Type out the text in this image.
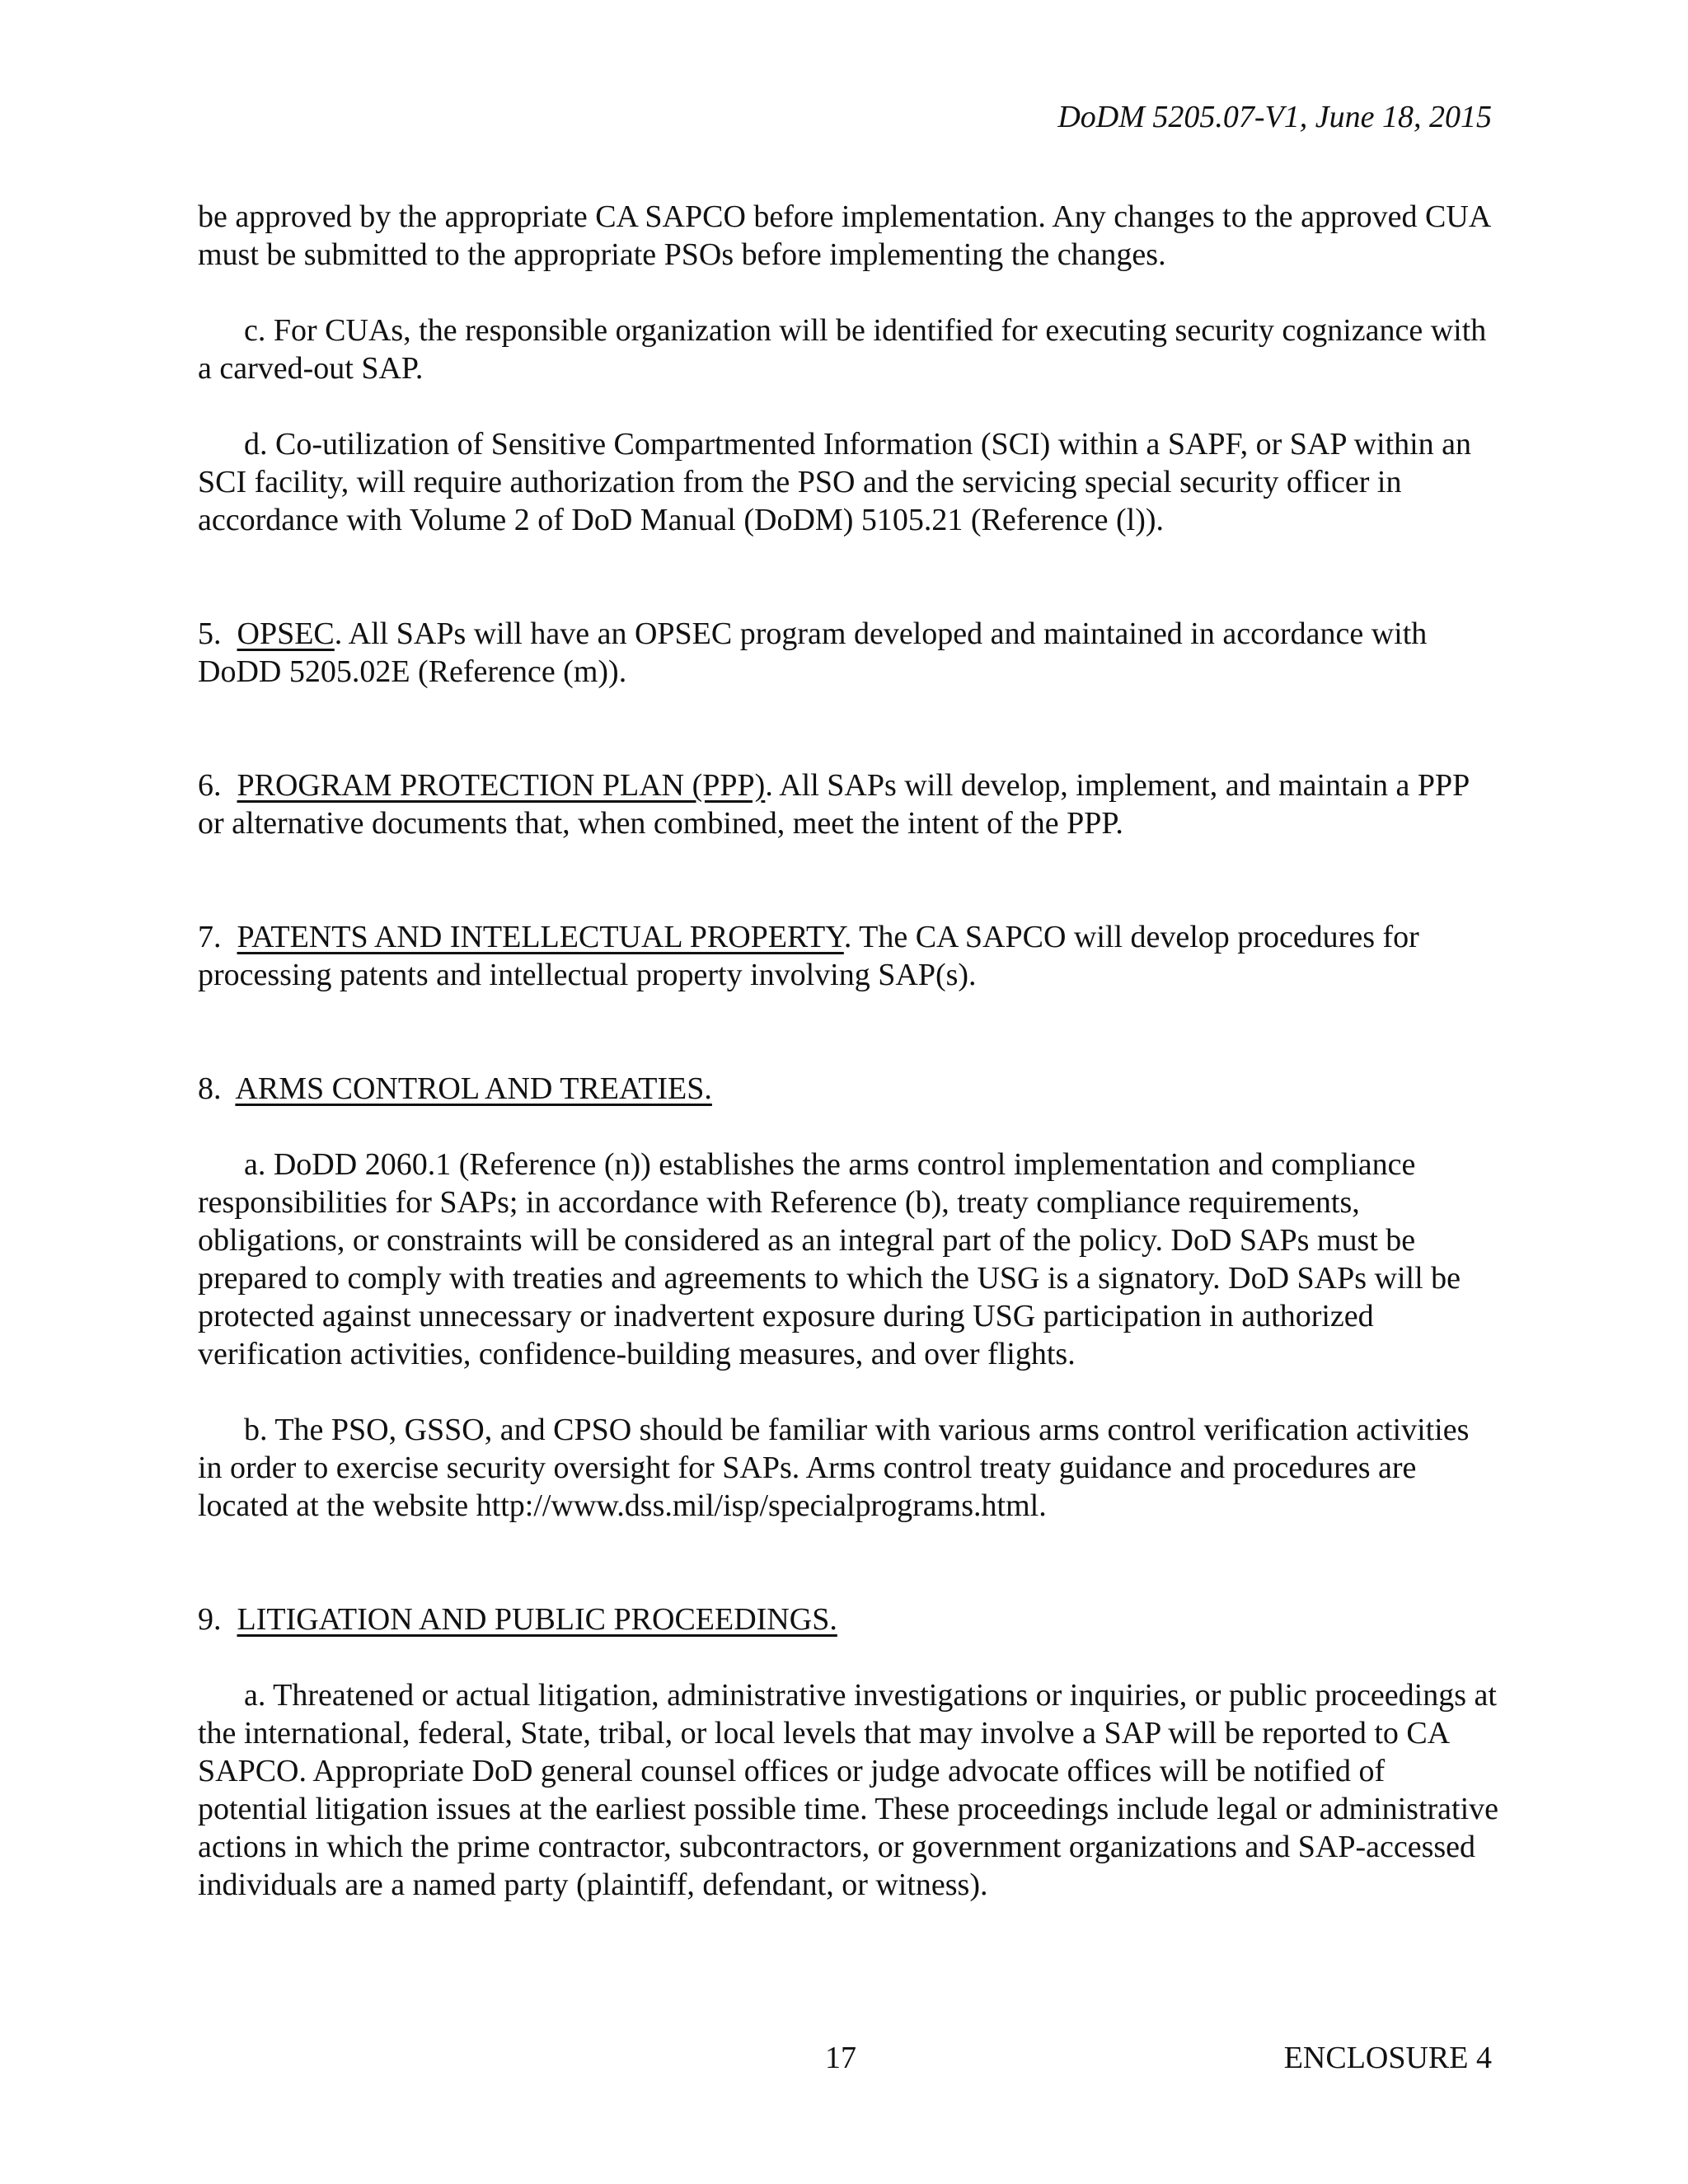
DoDM 5205.07-V1, June 18, 2015

be approved by the appropriate CA SAPCO before implementation. Any changes to the approved CUA must be submitted to the appropriate PSOs before implementing the changes.

c. For CUAs, the responsible organization will be identified for executing security cognizance with a carved-out SAP.

d. Co-utilization of Sensitive Compartmented Information (SCI) within a SAPF, or SAP within an SCI facility, will require authorization from the PSO and the servicing special security officer in accordance with Volume 2 of DoD Manual (DoDM) 5105.21 (Reference (l)).

5. OPSEC. All SAPs will have an OPSEC program developed and maintained in accordance with DoDD 5205.02E (Reference (m)).

6. PROGRAM PROTECTION PLAN (PPP). All SAPs will develop, implement, and maintain a PPP or alternative documents that, when combined, meet the intent of the PPP.

7. PATENTS AND INTELLECTUAL PROPERTY. The CA SAPCO will develop procedures for processing patents and intellectual property involving SAP(s).

8. ARMS CONTROL AND TREATIES.

a. DoDD 2060.1 (Reference (n)) establishes the arms control implementation and compliance responsibilities for SAPs; in accordance with Reference (b), treaty compliance requirements, obligations, or constraints will be considered as an integral part of the policy. DoD SAPs must be prepared to comply with treaties and agreements to which the USG is a signatory. DoD SAPs will be protected against unnecessary or inadvertent exposure during USG participation in authorized verification activities, confidence-building measures, and over flights.

b. The PSO, GSSO, and CPSO should be familiar with various arms control verification activities in order to exercise security oversight for SAPs. Arms control treaty guidance and procedures are located at the website http://www.dss.mil/isp/specialprograms.html.

9. LITIGATION AND PUBLIC PROCEEDINGS.

a. Threatened or actual litigation, administrative investigations or inquiries, or public proceedings at the international, federal, State, tribal, or local levels that may involve a SAP will be reported to CA SAPCO. Appropriate DoD general counsel offices or judge advocate offices will be notified of potential litigation issues at the earliest possible time. These proceedings include legal or administrative actions in which the prime contractor, subcontractors, or government organizations and SAP-accessed individuals are a named party (plaintiff, defendant, or witness).

17	ENCLOSURE 4
